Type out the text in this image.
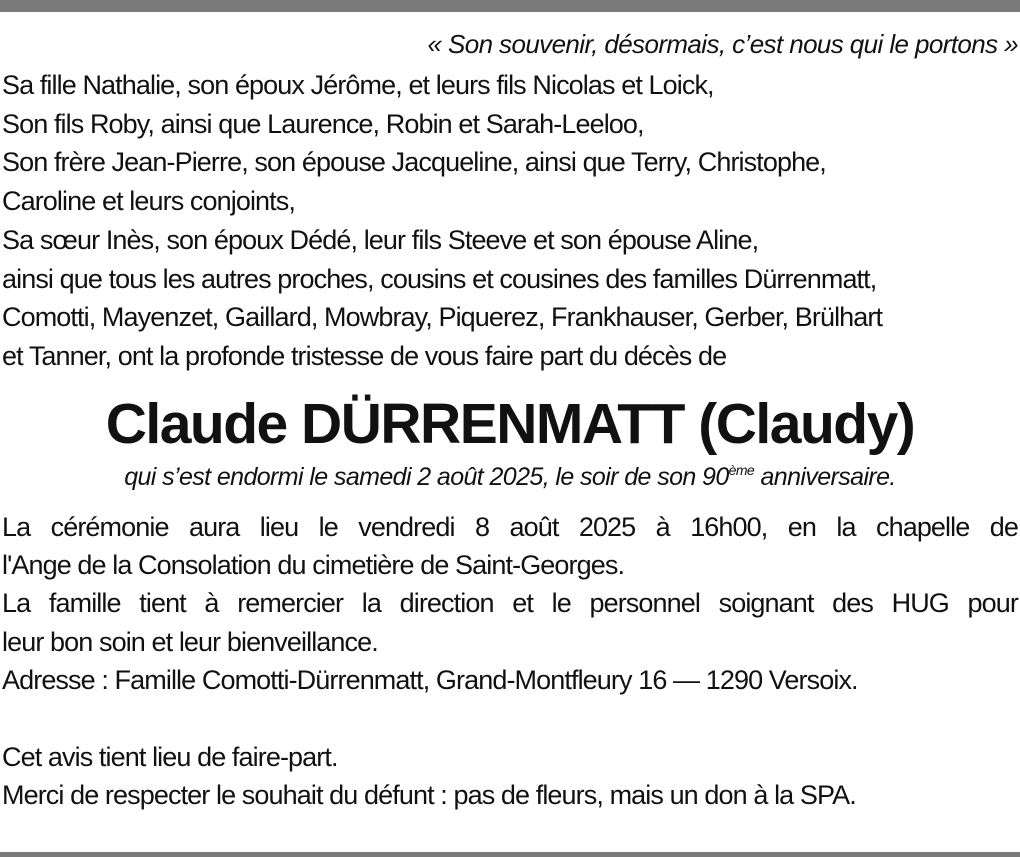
« Son souvenir, désormais, c’est nous qui le portons »
Sa fille Nathalie, son époux Jérôme, et leurs fils Nicolas et Loick,
Son fils Roby, ainsi que Laurence, Robin et Sarah-Leeloo,
Son frère Jean-Pierre, son épouse Jacqueline, ainsi que Terry, Christophe,
Caroline et leurs conjoints,
Sa sœur Inès, son époux Dédé, leur fils Steeve et son épouse Aline,
ainsi que tous les autres proches, cousins et cousines des familles Dürrenmatt,
Comotti, Mayenzet, Gaillard, Mowbray, Piquerez, Frankhauser, Gerber, Brülhart
et Tanner, ont la profonde tristesse de vous faire part du décès de
Claude DÜRRENMATT (Claudy)
qui s’est endormi le samedi 2 août 2025, le soir de son 90ème anniversaire.
La cérémonie aura lieu le vendredi 8 août 2025 à 16h00, en la chapelle de
l'Ange de la Consolation du cimetière de Saint-Georges.
La famille tient à remercier la direction et le personnel soignant des HUG pour
leur bon soin et leur bienveillance.
Adresse : Famille Comotti-Dürrenmatt, Grand-Montfleury 16 — 1290 Versoix.
Cet avis tient lieu de faire-part.
Merci de respecter le souhait du défunt : pas de fleurs, mais un don à la SPA.
